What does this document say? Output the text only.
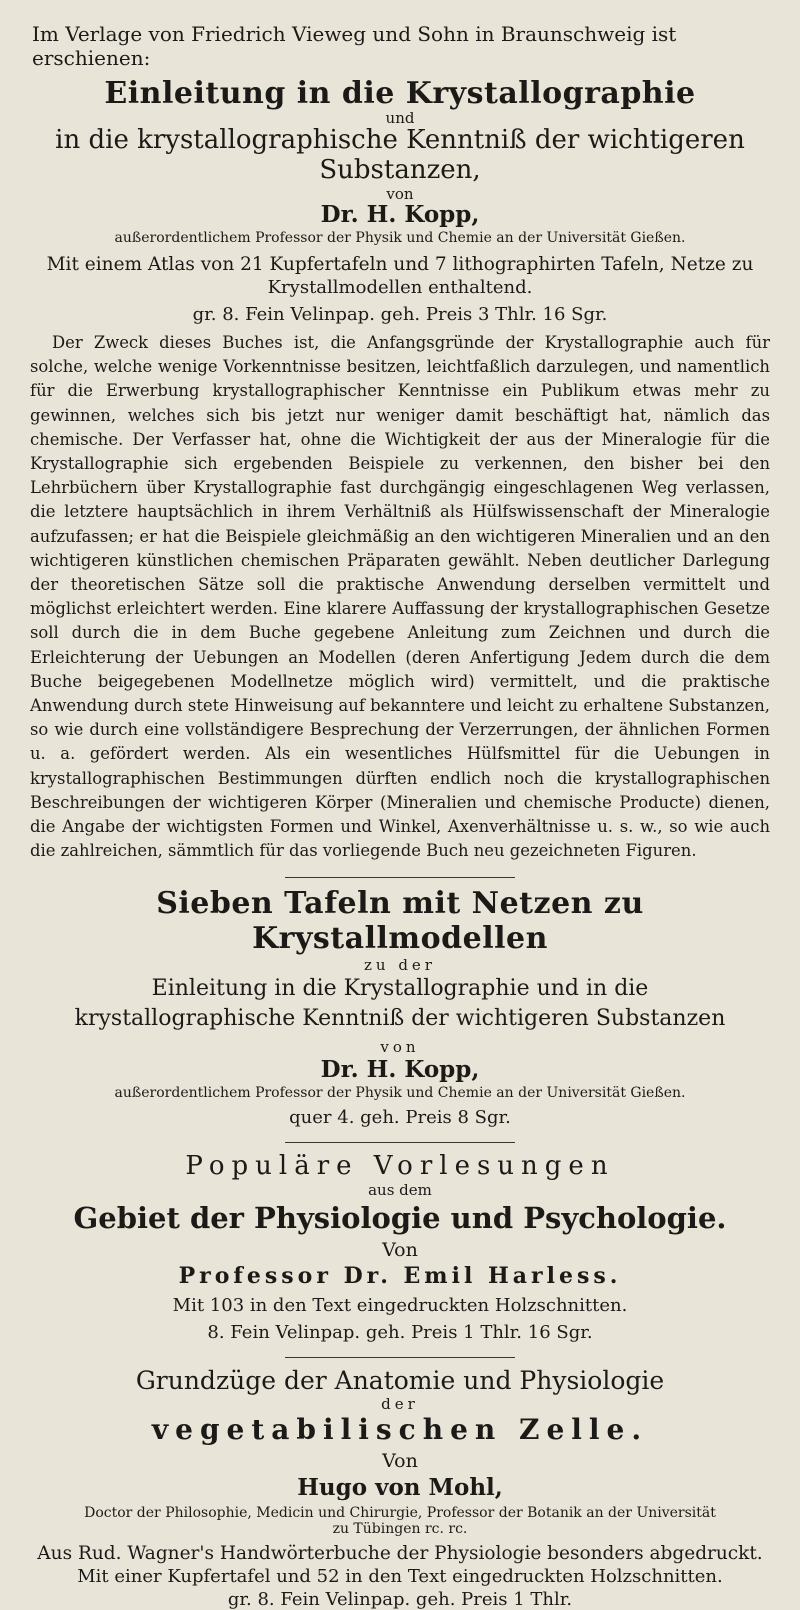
Im Verlage von Friedrich Vieweg und Sohn in Braunschweig ist erschienen:
Einleitung in die Krystallographie
und
in die krystallographische Kenntniß der wichtigeren Substanzen,
von
Dr. H. Kopp,
außerordentlichem Professor der Physik und Chemie an der Universität Gießen.
Mit einem Atlas von 21 Kupfertafeln und 7 lithographirten Tafeln, Netze zu
Krystallmodellen enthaltend.
gr. 8. Fein Velinpap. geh. Preis 3 Thlr. 16 Sgr.
Der Zweck dieses Buches ist, die Anfangsgründe der Krystallographie auch für solche, welche wenige Vorkenntnisse besitzen, leichtfaßlich darzulegen, und namentlich für die Erwerbung krystallographischer Kenntnisse ein Publikum etwas mehr zu gewinnen, welches sich bis jetzt nur weniger damit beschäftigt hat, nämlich das chemische. Der Verfasser hat, ohne die Wichtigkeit der aus der Mineralogie für die Krystallographie sich ergebenden Beispiele zu verkennen, den bisher bei den Lehrbüchern über Krystallographie fast durchgängig eingeschlagenen Weg verlassen, die letztere hauptsächlich in ihrem Verhältniß als Hülfswissenschaft der Mineralogie aufzufassen; er hat die Beispiele gleichmäßig an den wichtigeren Mineralien und an den wichtigeren künstlichen chemischen Präparaten gewählt. Neben deutlicher Darlegung der theoretischen Sätze soll die praktische Anwendung derselben vermittelt und möglichst erleichtert werden. Eine klarere Auffassung der krystallographischen Gesetze soll durch die in dem Buche gegebene Anleitung zum Zeichnen und durch die Erleichterung der Uebungen an Modellen (deren Anfertigung Jedem durch die dem Buche beigegebenen Modellnetze möglich wird) vermittelt, und die praktische Anwendung durch stete Hinweisung auf bekanntere und leicht zu erhaltene Substanzen, so wie durch eine vollständigere Besprechung der Verzerrungen, der ähnlichen Formen u. a. gefördert werden. Als ein wesentliches Hülfsmittel für die Uebungen in krystallographischen Bestimmungen dürften endlich noch die krystallographischen Beschreibungen der wichtigeren Körper (Mineralien und chemische Producte) dienen, die Angabe der wichtigsten Formen und Winkel, Axenverhältnisse u. s. w., so wie auch die zahlreichen, sämmtlich für das vorliegende Buch neu gezeichneten Figuren.
Sieben Tafeln mit Netzen zu Krystallmodellen
zu der
Einleitung in die Krystallographie und in die krystallographische Kenntniß der wichtigeren Substanzen
von
Dr. H. Kopp,
außerordentlichem Professor der Physik und Chemie an der Universität Gießen.
quer 4. geh. Preis 8 Sgr.
Populäre Vorlesungen
aus dem
Gebiet der Physiologie und Psychologie.
Von
Professor Dr. Emil Harless.
Mit 103 in den Text eingedruckten Holzschnitten.
8. Fein Velinpap. geh. Preis 1 Thlr. 16 Sgr.
Grundzüge der Anatomie und Physiologie
der
vegetabilischen Zelle.
Von
Hugo von Mohl,
Doctor der Philosophie, Medicin und Chirurgie, Professor der Botanik an der Universität
zu Tübingen rc. rc.
Aus Rud. Wagner's Handwörterbuche der Physiologie besonders abgedruckt.
Mit einer Kupfertafel und 52 in den Text eingedruckten Holzschnitten.
gr. 8. Fein Velinpap. geh. Preis 1 Thlr.
